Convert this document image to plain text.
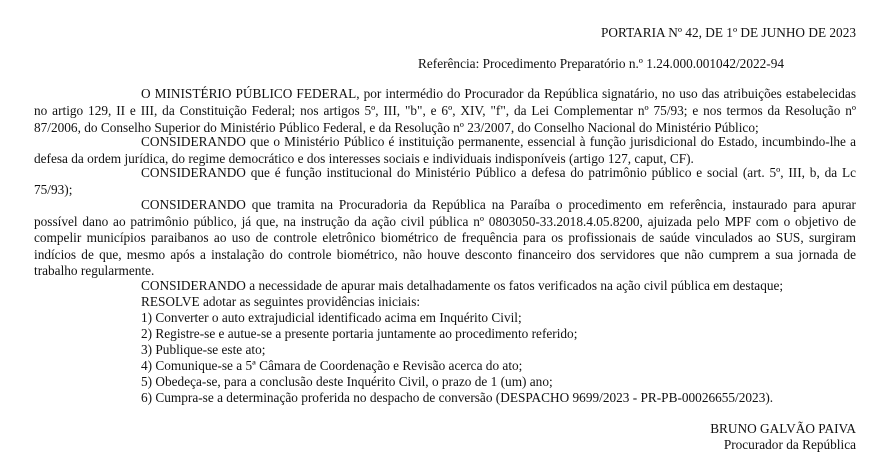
PORTARIA Nº 42, DE 1º DE JUNHO DE 2023
Referência: Procedimento Preparatório n.º 1.24.000.001042/2022-94
O MINISTÉRIO PÚBLICO FEDERAL, por intermédio do Procurador da República signatário, no uso das atribuições estabelecidas
no artigo 129, II e III, da Constituição Federal; nos artigos 5º, III, "b", e 6º, XIV, "f", da Lei Complementar nº 75/93; e nos termos da Resolução nº
87/2006, do Conselho Superior do Ministério Público Federal, e da Resolução nº 23/2007, do Conselho Nacional do Ministério Público;
CONSIDERANDO que o Ministério Público é instituição permanente, essencial à função jurisdicional do Estado, incumbindo-lhe a
defesa da ordem jurídica, do regime democrático e dos interesses sociais e individuais indisponíveis (artigo 127, caput, CF).
CONSIDERANDO que é função institucional do Ministério Público a defesa do patrimônio público e social (art. 5º, III, b, da Lc
75/93);
CONSIDERANDO que tramita na Procuradoria da República na Paraíba o procedimento em referência, instaurado para apurar
possível dano ao patrimônio público, já que, na instrução da ação civil pública nº 0803050-33.2018.4.05.8200, ajuizada pelo MPF com o objetivo de
compelir municípios paraibanos ao uso de controle eletrônico biométrico de frequência para os profissionais de saúde vinculados ao SUS, surgiram
indícios de que, mesmo após a instalação do controle biométrico, não houve desconto financeiro dos servidores que não cumprem a sua jornada de
trabalho regularmente.
CONSIDERANDO a necessidade de apurar mais detalhadamente os fatos verificados na ação civil pública em destaque;
RESOLVE adotar as seguintes providências iniciais:
1) Converter o auto extrajudicial identificado acima em Inquérito Civil;
2) Registre-se e autue-se a presente portaria juntamente ao procedimento referido;
3) Publique-se este ato;
4) Comunique-se a 5ª Câmara de Coordenação e Revisão acerca do ato;
5) Obedeça-se, para a conclusão deste Inquérito Civil, o prazo de 1 (um) ano;
6) Cumpra-se a determinação proferida no despacho de conversão (DESPACHO 9699/2023 - PR-PB-00026655/2023).
BRUNO GALVÃO PAIVA
Procurador da República
